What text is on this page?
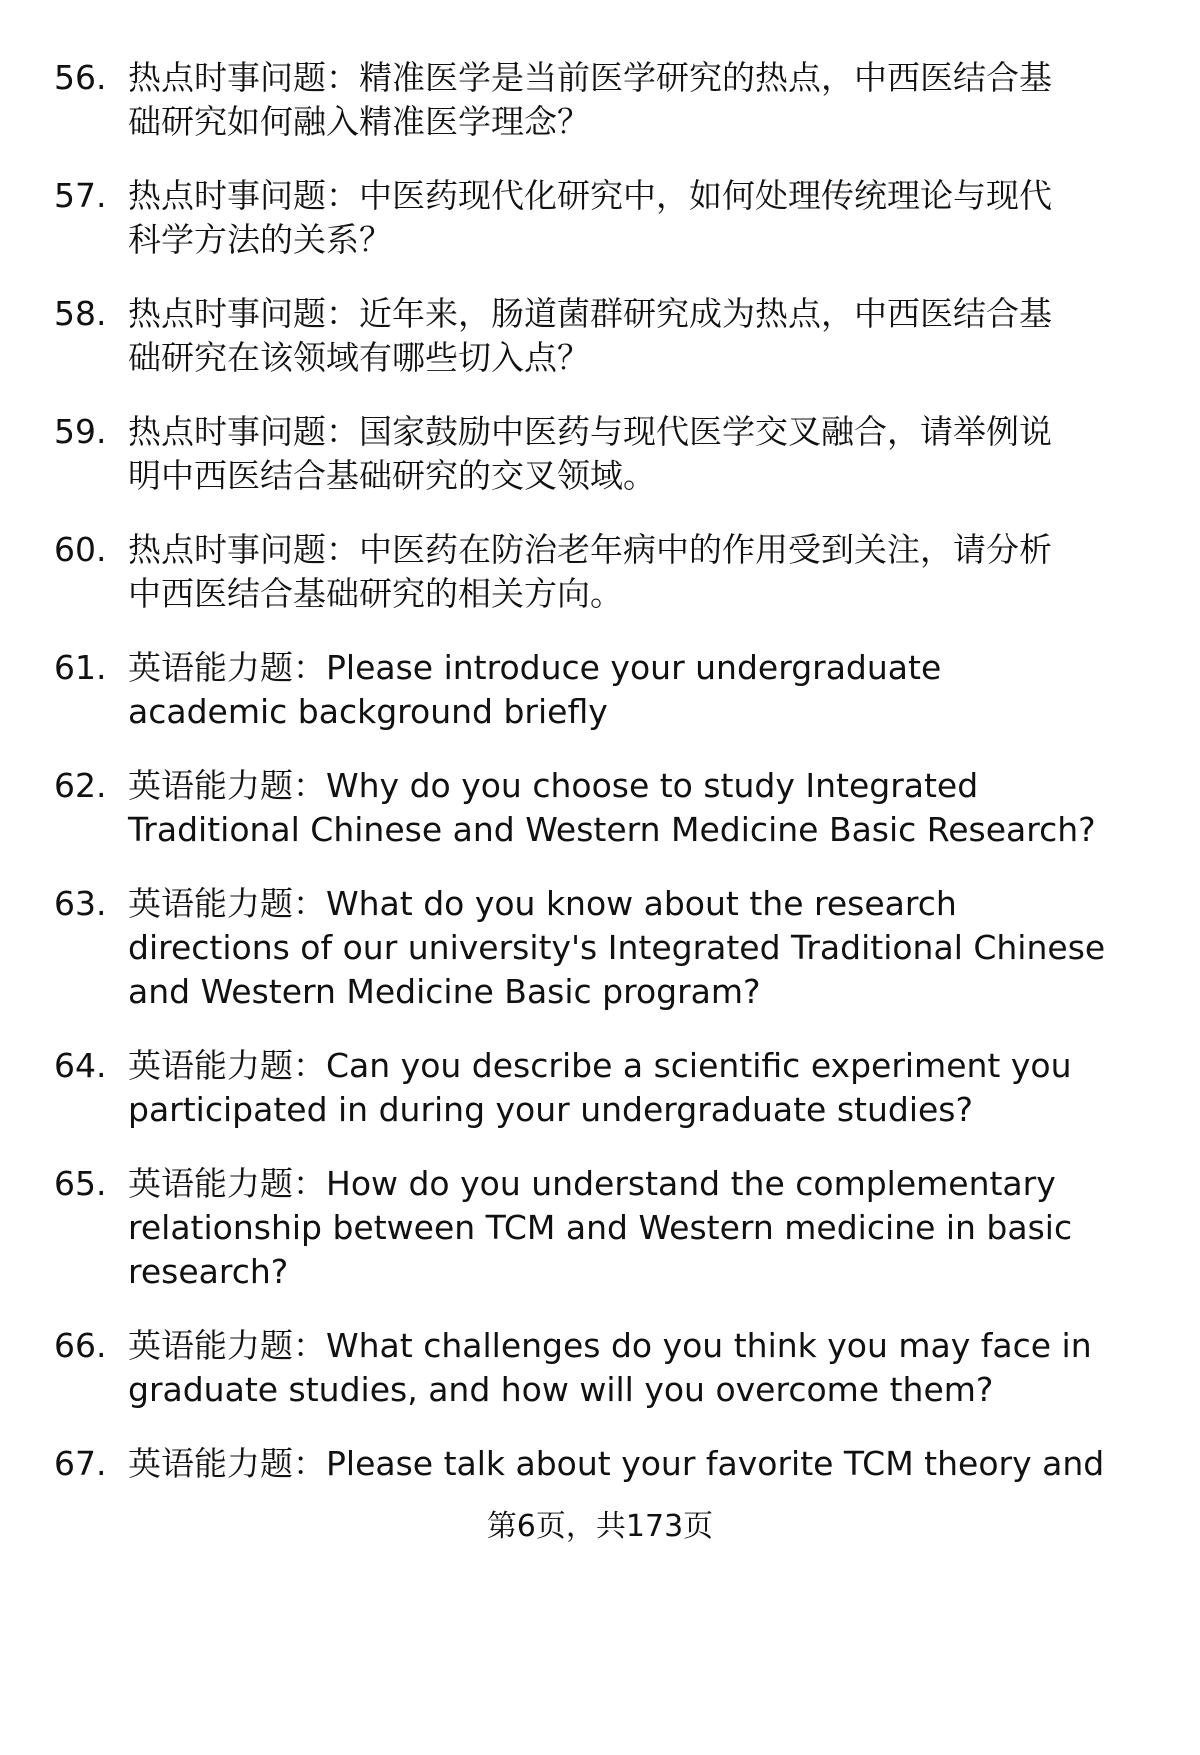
56. 热点时事问题：精准医学是当前医学研究的热点，中西医结合基
础研究如何融入精准医学理念？
57. 热点时事问题：中医药现代化研究中，如何处理传统理论与现代
科学方法的关系？
58. 热点时事问题：近年来，肠道菌群研究成为热点，中西医结合基
础研究在该领域有哪些切入点？
59. 热点时事问题：国家鼓励中医药与现代医学交叉融合，请举例说
明中西医结合基础研究的交叉领域。
60. 热点时事问题：中医药在防治老年病中的作用受到关注，请分析
中西医结合基础研究的相关方向。
61. 英语能力题：Please introduce your undergraduate
academic background briefly
62. 英语能力题：Why do you choose to study Integrated
Traditional Chinese and Western Medicine Basic Research?
63. 英语能力题：What do you know about the research
directions of our university's Integrated Traditional Chinese
and Western Medicine Basic program?
64. 英语能力题：Can you describe a scientific experiment you
participated in during your undergraduate studies?
65. 英语能力题：How do you understand the complementary
relationship between TCM and Western medicine in basic
research?
66. 英语能力题：What challenges do you think you may face in
graduate studies, and how will you overcome them?
67. 英语能力题：Please talk about your favorite TCM theory and
第6页，共173页
